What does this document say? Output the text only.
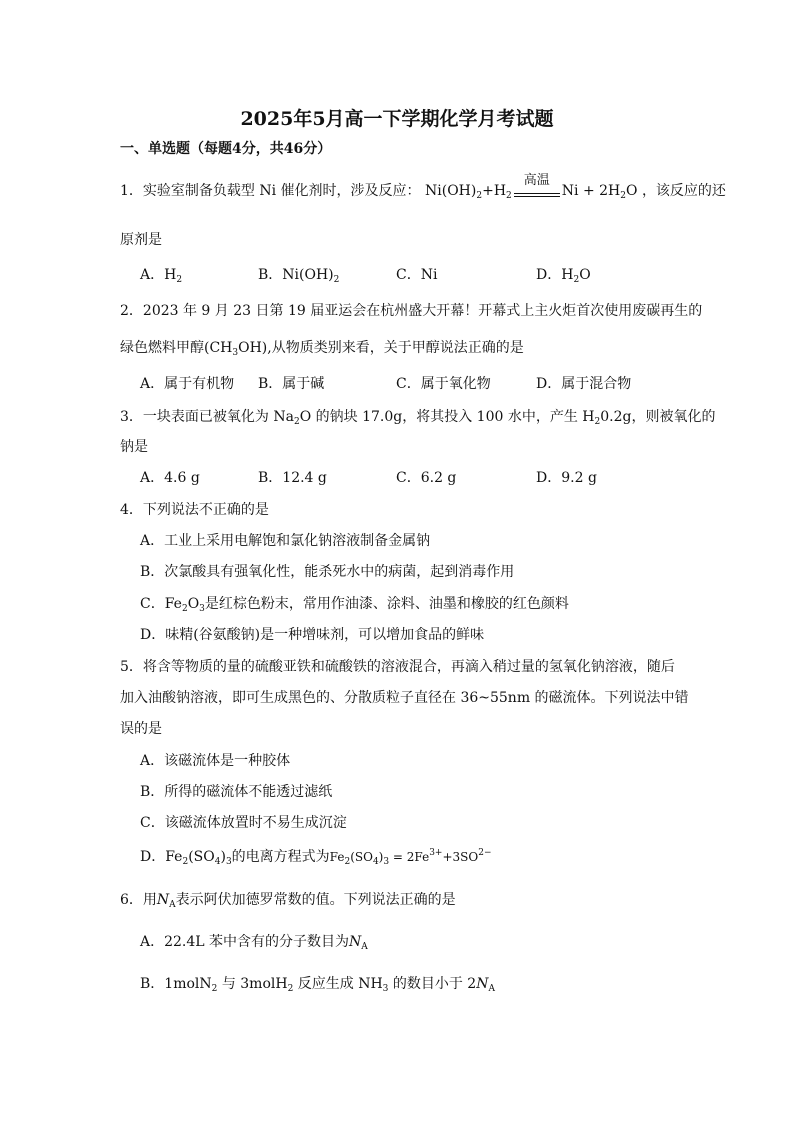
2025年5月高一下学期化学月考试题
一、单选题（每题4分，共46分）
1．实验室制备负载型 Ni 催化剂时，涉及反应： $Ni(OH)_2+H_2$
高温
$Ni + 2H_2O$ ，该反应的还
原剂是
A．$H_2$	B．$Ni(OH)_2$	C．Ni	D．$H_2O$
2．2023 年 9 月 23 日第 19 届亚运会在杭州盛大开幕！开幕式上主火炬首次使用废碳再生的
绿色燃料甲醇$(CH_3OH)$,从物质类别来看，关于甲醇说法正确的是
A．属于有机物 B．属于碱	C．属于氧化物	D．属于混合物
3．一块表面已被氧化为 $Na_2O$ 的钠块 17.0g，将其投入 100 水中，产生 $H_20.2g$，则被氧化的
钠是
A．4.6 g	B．12.4 g	C．6.2 g	D．9.2 g
4．下列说法不正确的是
A．工业上采用电解饱和氯化钠溶液制备金属钠
B．次氯酸具有强氧化性，能杀死水中的病菌，起到消毒作用
C．$Fe_2O_3$是红棕色粉末，常用作油漆、涂料、油墨和橡胶的红色颜料
D．味精(谷氨酸钠)是一种增味剂，可以增加食品的鲜味
5．将含等物质的量的硫酸亚铁和硫酸铁的溶液混合，再滴入稍过量的氢氧化钠溶液，随后
加入油酸钠溶液，即可生成黑色的、分散质粒子直径在 36~55nm 的磁流体。下列说法中错
误的是
A．该磁流体是一种胶体
B．所得的磁流体不能透过滤纸
C．该磁流体放置时不易生成沉淀
D．$Fe_2(SO_4)_3$的电离方程式为$Fe_2(SO_4)_3 = 2Fe^{3+}+3SO^{2-}$
6．用$N_A$表示阿伏加德罗常数的值。下列说法正确的是
A．22.4L 苯中含有的分子数目为$N_A$
B．1molN$_2$ 与 3molH$_2$ 反应生成 $NH_3$ 的数目小于 $2N_A$
